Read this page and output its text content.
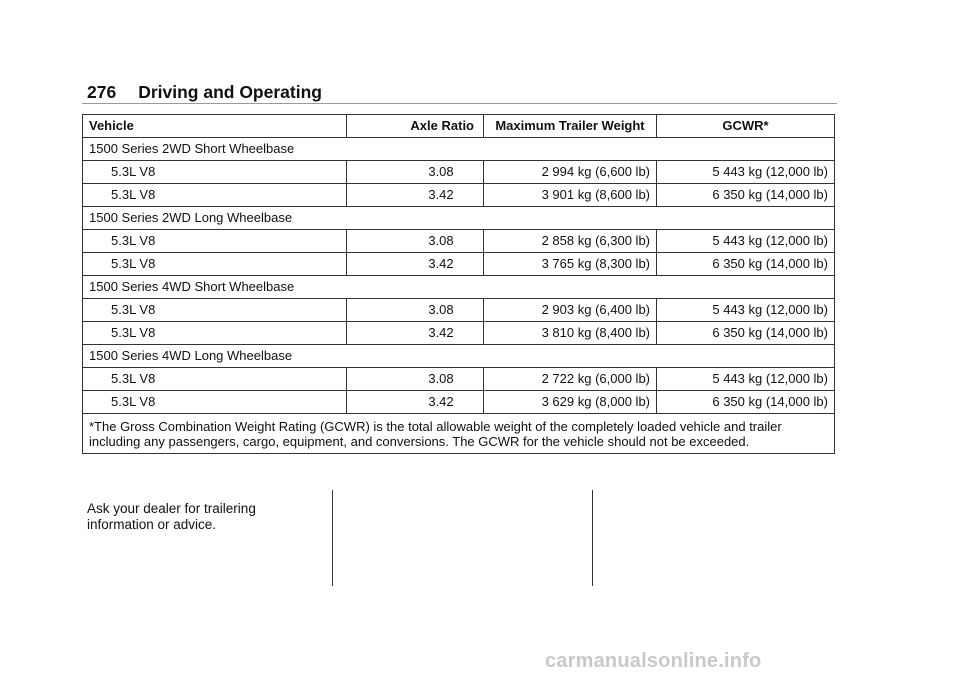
276 Driving and Operating
Vehicle	Axle Ratio	Maximum Trailer Weight	GCWR*
1500 Series 2WD Short Wheelbase			
5.3L V8	3.08	2 994 kg (6,600 lb)	5 443 kg (12,000 lb)
5.3L V8	3.42	3 901 kg (8,600 lb)	6 350 kg (14,000 lb)
1500 Series 2WD Long Wheelbase			
5.3L V8	3.08	2 858 kg (6,300 lb)	5 443 kg (12,000 lb)
5.3L V8	3.42	3 765 kg (8,300 lb)	6 350 kg (14,000 lb)
1500 Series 4WD Short Wheelbase			
5.3L V8	3.08	2 903 kg (6,400 lb)	5 443 kg (12,000 lb)
5.3L V8	3.42	3 810 kg (8,400 lb)	6 350 kg (14,000 lb)
1500 Series 4WD Long Wheelbase			
5.3L V8	3.08	2 722 kg (6,000 lb)	5 443 kg (12,000 lb)
5.3L V8	3.42	3 629 kg (8,000 lb)	6 350 kg (14,000 lb)
*The Gross Combination Weight Rating (GCWR) is the total allowable weight of the completely loaded vehicle and trailer including any passengers, cargo, equipment, and conversions. The GCWR for the vehicle should not be exceeded.			
Ask your dealer for trailering information or advice.
carmanualsonline.info
